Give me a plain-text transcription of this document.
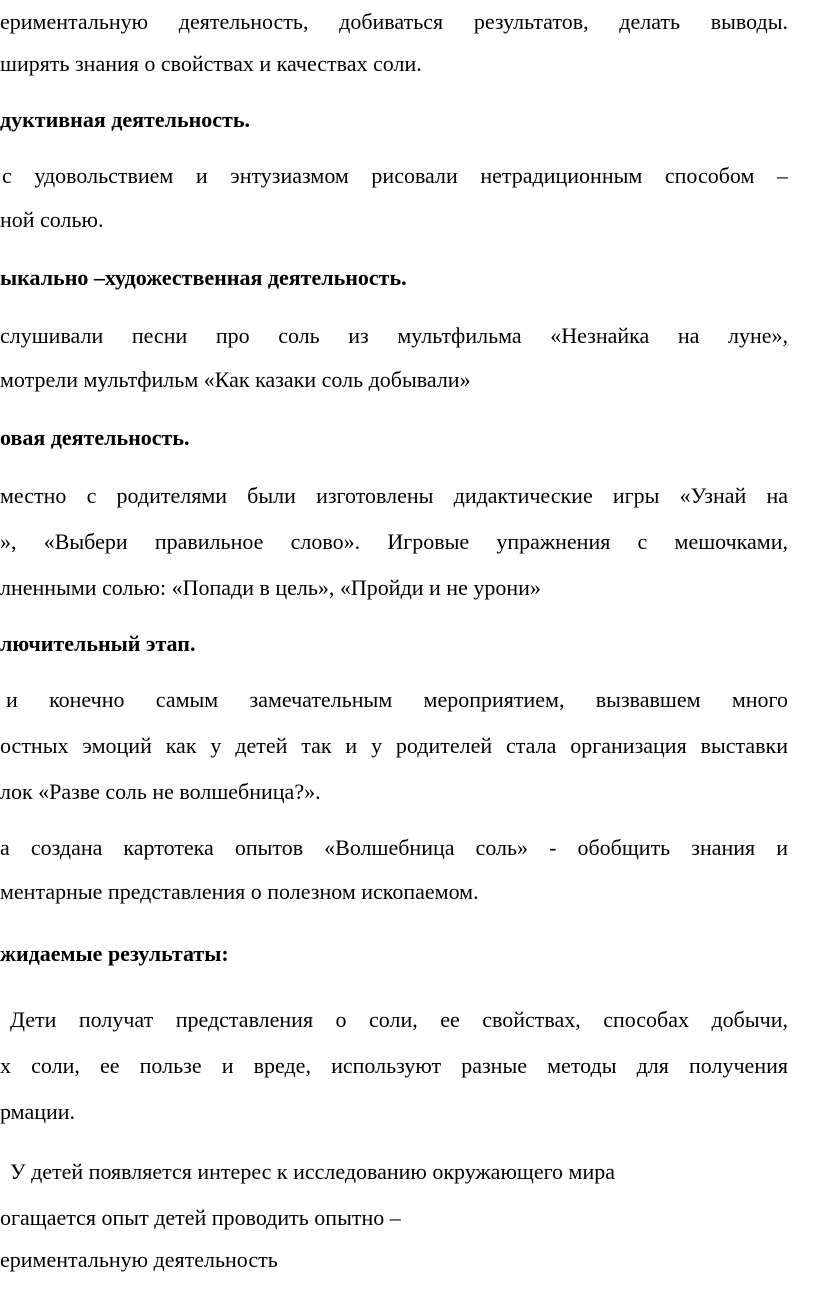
ериментальную деятельность, добиваться результатов, делать выводы.

ширять знания о свойствах и качествах соли.

дуктивная деятельность.

с удовольствием и энтузиазмом рисовали нетрадиционным способом –

ной солью.

ыкально –художественная деятельность.

слушивали песни про соль из мультфильма «Незнайка на луне»,

мотрели мультфильм «Как казаки соль добывали»

овая деятельность.

местно с родителями были изготовлены дидактические игры «Узнай на

», «Выбери правильное слово». Игровые упражнения с мешочками,

лненными солью: «Попади в цель», «Пройди и не урони»

лючительный этап.

и конечно самым замечательным мероприятием, вызвавшем много

остных эмоций как у детей так и у родителей стала организация выставки

лок «Разве соль не волшебница?».

а создана картотека опытов «Волшебница соль» - обобщить знания и

ментарные представления о полезном ископаемом.

жидаемые результаты:

Дети получат представления о соли, ее свойствах, способах добычи,

х соли, ее пользе и вреде, используют разные методы для получения

рмации.

У детей появляется интерес к исследованию окружающего мира

огащается опыт детей проводить опытно –

ериментальную деятельность
